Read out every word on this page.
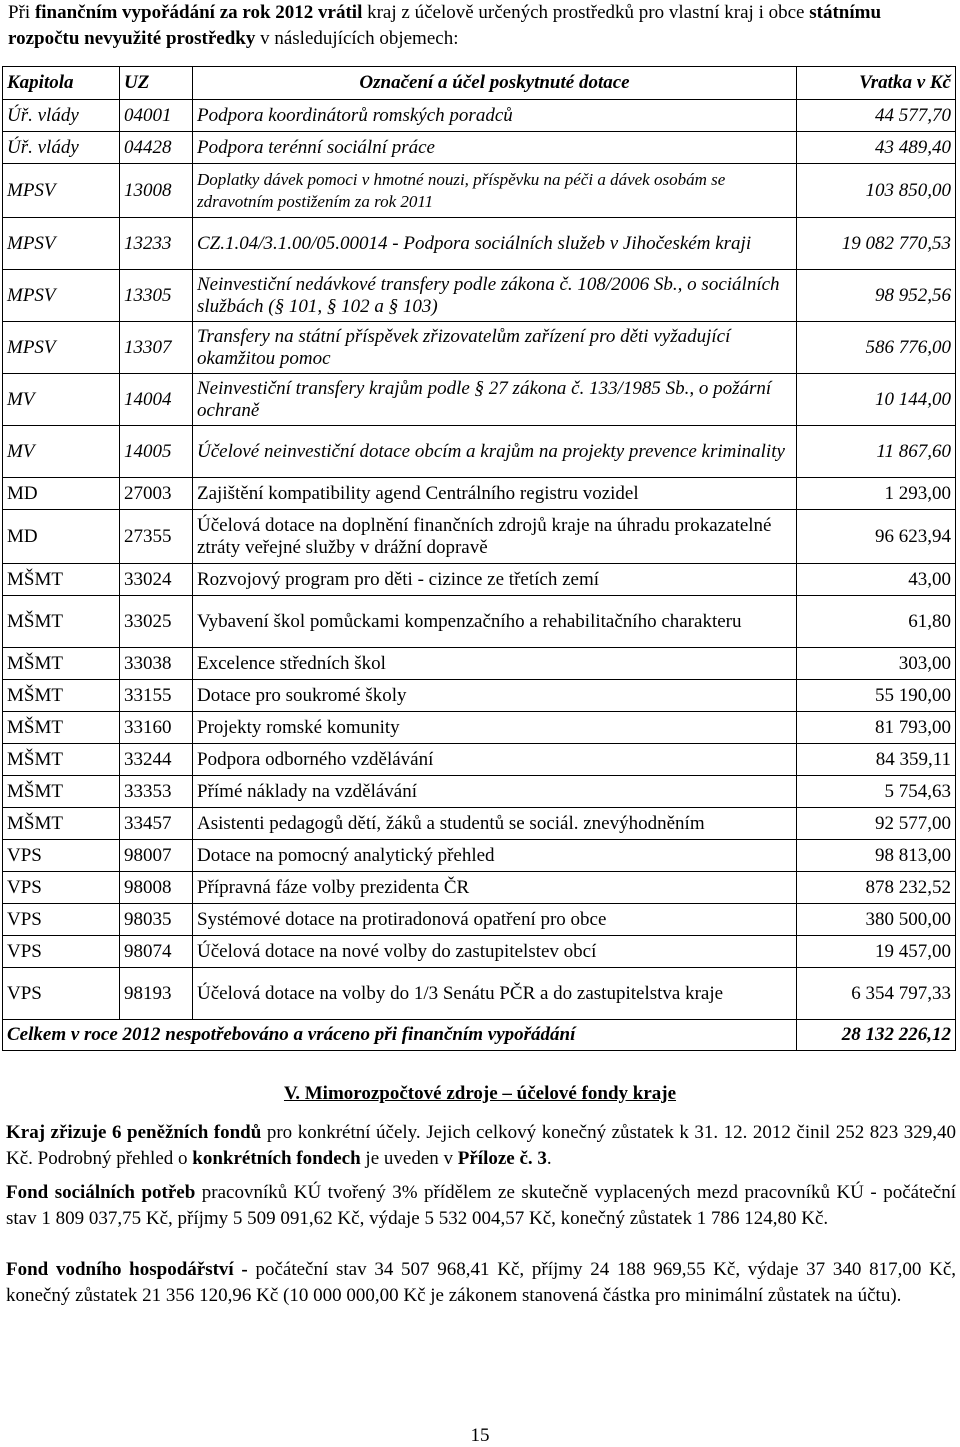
Při finančním vypořádání za rok 2012 vrátil kraj z účelově určených prostředků pro vlastní kraj i obce státnímu rozpočtu nevyužité prostředky v následujících objemech:

Kapitola	UZ	Označení a účel poskytnuté dotace	Vratka v Kč
Úř. vlády	04001	Podpora koordinátorů romských poradců	44 577,70
Úř. vlády	04428	Podpora terénní sociální práce	43 489,40
MPSV	13008	Doplatky dávek pomoci v hmotné nouzi, příspěvku na péči a dávek osobám se zdravotním postižením za rok 2011	103 850,00
MPSV	13233	CZ.1.04/3.1.00/05.00014 - Podpora sociálních služeb v Jihočeském kraji	19 082 770,53
MPSV	13305	Neinvestiční nedávkové transfery podle zákona č. 108/2006 Sb., o sociálních službách (§ 101, § 102 a § 103)	98 952,56
MPSV	13307	Transfery na státní příspěvek zřizovatelům zařízení pro děti vyžadující okamžitou pomoc	586 776,00
MV	14004	Neinvestiční transfery krajům podle § 27 zákona č. 133/1985 Sb., o požární ochraně	10 144,00
MV	14005	Účelové neinvestiční dotace obcím a krajům na projekty prevence kriminality	11 867,60
MD	27003	Zajištění kompatibility agend Centrálního registru vozidel	1 293,00
MD	27355	Účelová dotace na doplnění finančních zdrojů kraje na úhradu prokazatelné ztráty veřejné služby v drážní dopravě	96 623,94
MŠMT	33024	Rozvojový program pro děti - cizince ze třetích zemí	43,00
MŠMT	33025	Vybavení škol pomůckami kompenzačního a rehabilitačního charakteru	61,80
MŠMT	33038	Excelence středních škol	303,00
MŠMT	33155	Dotace pro soukromé školy	55 190,00
MŠMT	33160	Projekty romské komunity	81 793,00
MŠMT	33244	Podpora odborného vzdělávání	84 359,11
MŠMT	33353	Přímé náklady na vzdělávání	5 754,63
MŠMT	33457	Asistenti pedagogů dětí, žáků a studentů se sociál. znevýhodněním	92 577,00
VPS	98007	Dotace na pomocný analytický přehled	98 813,00
VPS	98008	Přípravná fáze volby prezidenta ČR	878 232,52
VPS	98035	Systémové dotace na protiradonová opatření pro obce	380 500,00
VPS	98074	Účelová dotace na nové volby do zastupitelstev obcí	19 457,00
VPS	98193	Účelová dotace na volby do 1/3 Senátu PČR a do zastupitelstva kraje	6 354 797,33
Celkem v roce 2012 nespotřebováno a vráceno při finančním vypořádání			28 132 226,12

V. Mimorozpočtové zdroje – účelové fondy kraje

Kraj zřizuje 6 peněžních fondů pro konkrétní účely. Jejich celkový konečný zůstatek k 31. 12. 2012 činil 252 823 329,40 Kč. Podrobný přehled o konkrétních fondech je uveden v Příloze č. 3.

Fond sociálních potřeb pracovníků KÚ tvořený 3% přídělem ze skutečně vyplacených mezd pracovníků KÚ - počáteční stav 1 809 037,75 Kč, příjmy 5 509 091,62 Kč, výdaje 5 532 004,57 Kč, konečný zůstatek 1 786 124,80 Kč.

Fond vodního hospodářství - počáteční stav 34 507 968,41 Kč, příjmy 24 188 969,55 Kč, výdaje 37 340 817,00 Kč, konečný zůstatek 21 356 120,96 Kč (10 000 000,00 Kč je zákonem stanovená částka pro minimální zůstatek na účtu).

15
